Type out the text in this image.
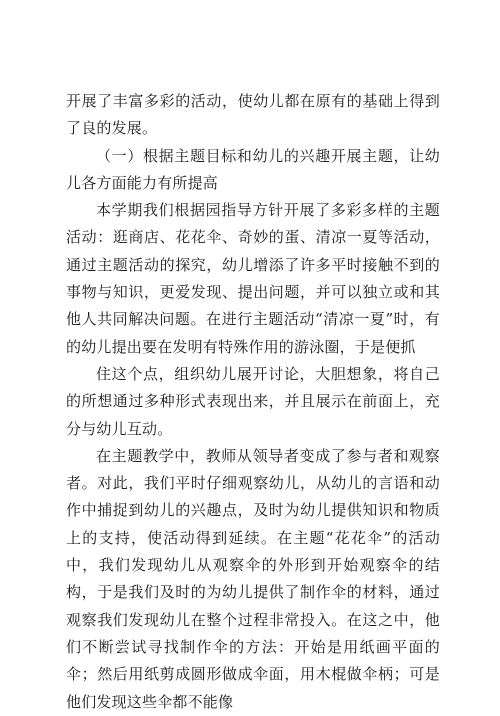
开展了丰富多彩的活动，使幼儿都在原有的基础上得到了良的发展。

（一）根据主题目标和幼儿的兴趣开展主题，让幼儿各方面能力有所提高

本学期我们根据园指导方针开展了多彩多样的主题活动：逛商店、花花伞、奇妙的蛋、清凉一夏等活动，通过主题活动的探究，幼儿增添了许多平时接触不到的事物与知识，更爱发现、提出问题，并可以独立或和其他人共同解决问题。在进行主题活动“清凉一夏”时，有的幼儿提出要在发明有特殊作用的游泳圈，于是便抓

住这个点，组织幼儿展开讨论，大胆想象，将自己的所想通过多种形式表现出来，并且展示在前面上，充分与幼儿互动。

在主题教学中，教师从领导者变成了参与者和观察者。对此，我们平时仔细观察幼儿，从幼儿的言语和动作中捕捉到幼儿的兴趣点，及时为幼儿提供知识和物质上的支持，使活动得到延续。在主题“花花伞”的活动中，我们发现幼儿从观察伞的外形到开始观察伞的结构，于是我们及时的为幼儿提供了制作伞的材料，通过观察我们发现幼儿在整个过程非常投入。在这之中，他们不断尝试寻找制作伞的方法：开始是用纸画平面的伞；然后用纸剪成圆形做成伞面，用木棍做伞柄；可是他们发现这些伞都不能像
